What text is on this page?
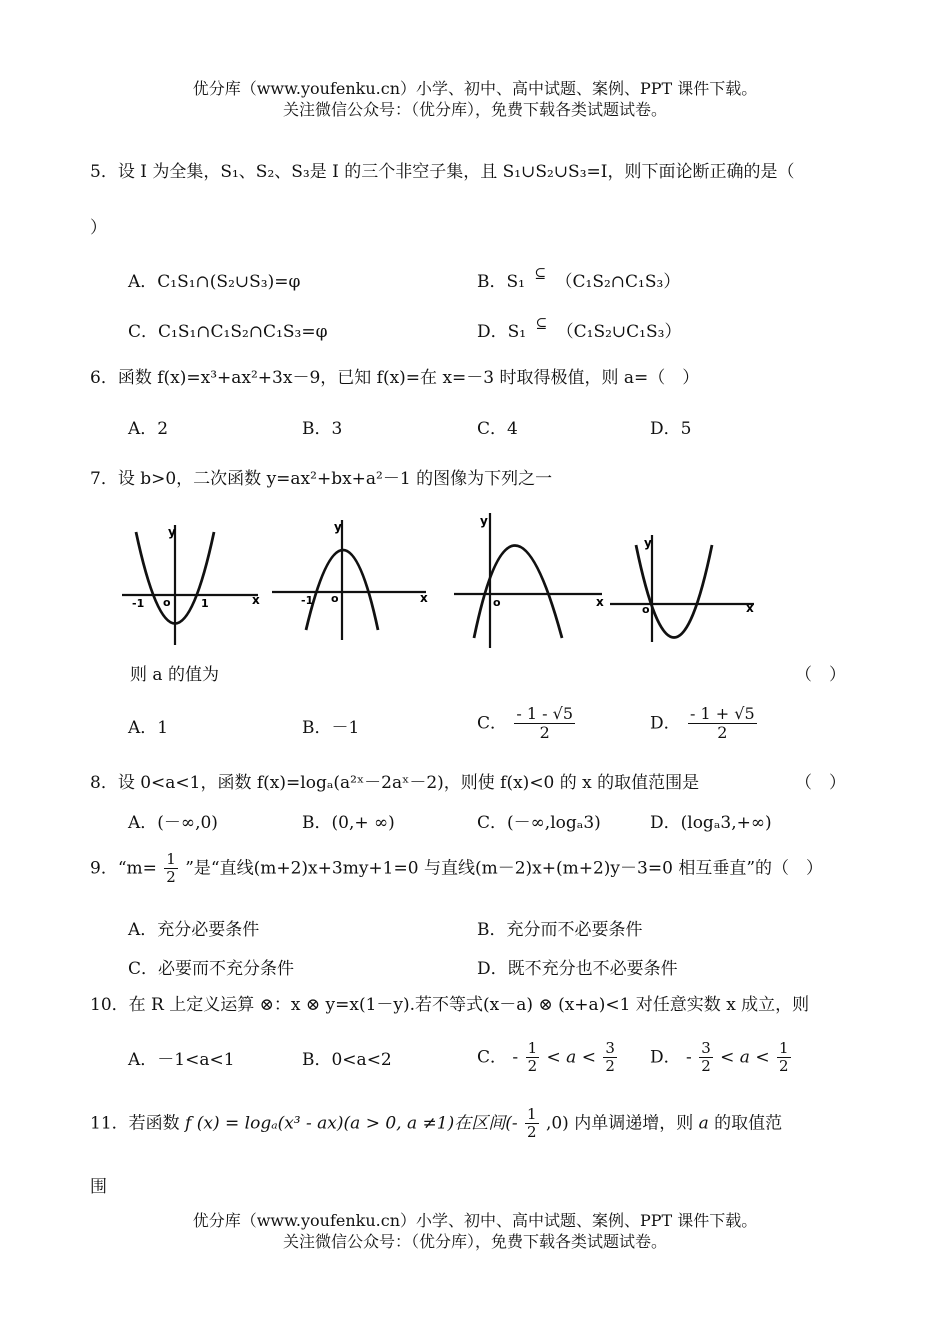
优分库（www.youfenku.cn）小学、初中、高中试题、案例、PPT 课件下载。
关注微信公众号：（优分库），免费下载各类试题试卷。
5．设 I 为全集，S₁、S₂、S₃是 I 的三个非空子集，且 S₁∪S₂∪S₃=I，则下面论断正确的是（
）
A．C₁S₁∩(S₂∪S₃)=φ	B．S₁ ⊆ （C₁S₂∩C₁S₃）
C．C₁S₁∩C₁S₂∩C₁S₃=φ	D．S₁ ⊆ （C₁S₂∪C₁S₃）
6．函数 f(x)=x³+ax²+3x－9，已知 f(x)=在 x=－3 时取得极值，则 a=（　）
A．2	B．3	C．4	D．5
7．设 b>0，二次函数 y=ax²+bx+a²－1 的图像为下列之一
y
x
o
-1	1
y
x
o
-1
y
x
o
y
x
o
则 a 的值为	（　）
A．1	B．－1	C． $\frac{- 1 - √5}{2}$	D． $\frac{- 1 + √5}{2}$
8．设 0<a<1，函数 f(x)=logₐ(a²ˣ－2aˣ－2)，则使 f(x)<0 的 x 的取值范围是	（　）
A．(－∞,0)	B．(0,+ ∞)	C．(－∞,logₐ3)	D．(logₐ3,+∞)
9．“$m= \frac{1}{2}$ ”是“直线(m+2)x+3my+1=0 与直线(m－2)x+(m+2)y－3=0 相互垂直”的（　）
A．充分必要条件	B．充分而不必要条件
C．必要而不充分条件	D．既不充分也不必要条件
10．在 R 上定义运算 ⊗：x ⊗ y=x(1－y).若不等式(x－a) ⊗ (x+a)<1 对任意实数 x 成立，则
A．－1<a<1	B．0<a<2	C． - $\frac{1}{2} < a < \frac{3}{2}$ D． - $\frac{3}{2} < a < \frac{1}{2}$
11．若函数 f (x) = logₐ(x³ - ax)(a > 0, a ≠1)在区间(- $\frac{1}{2} ,0$) 内单调递增，则 a 的取值范
围
优分库（www.youfenku.cn）小学、初中、高中试题、案例、PPT 课件下载。
关注微信公众号：（优分库），免费下载各类试题试卷。
